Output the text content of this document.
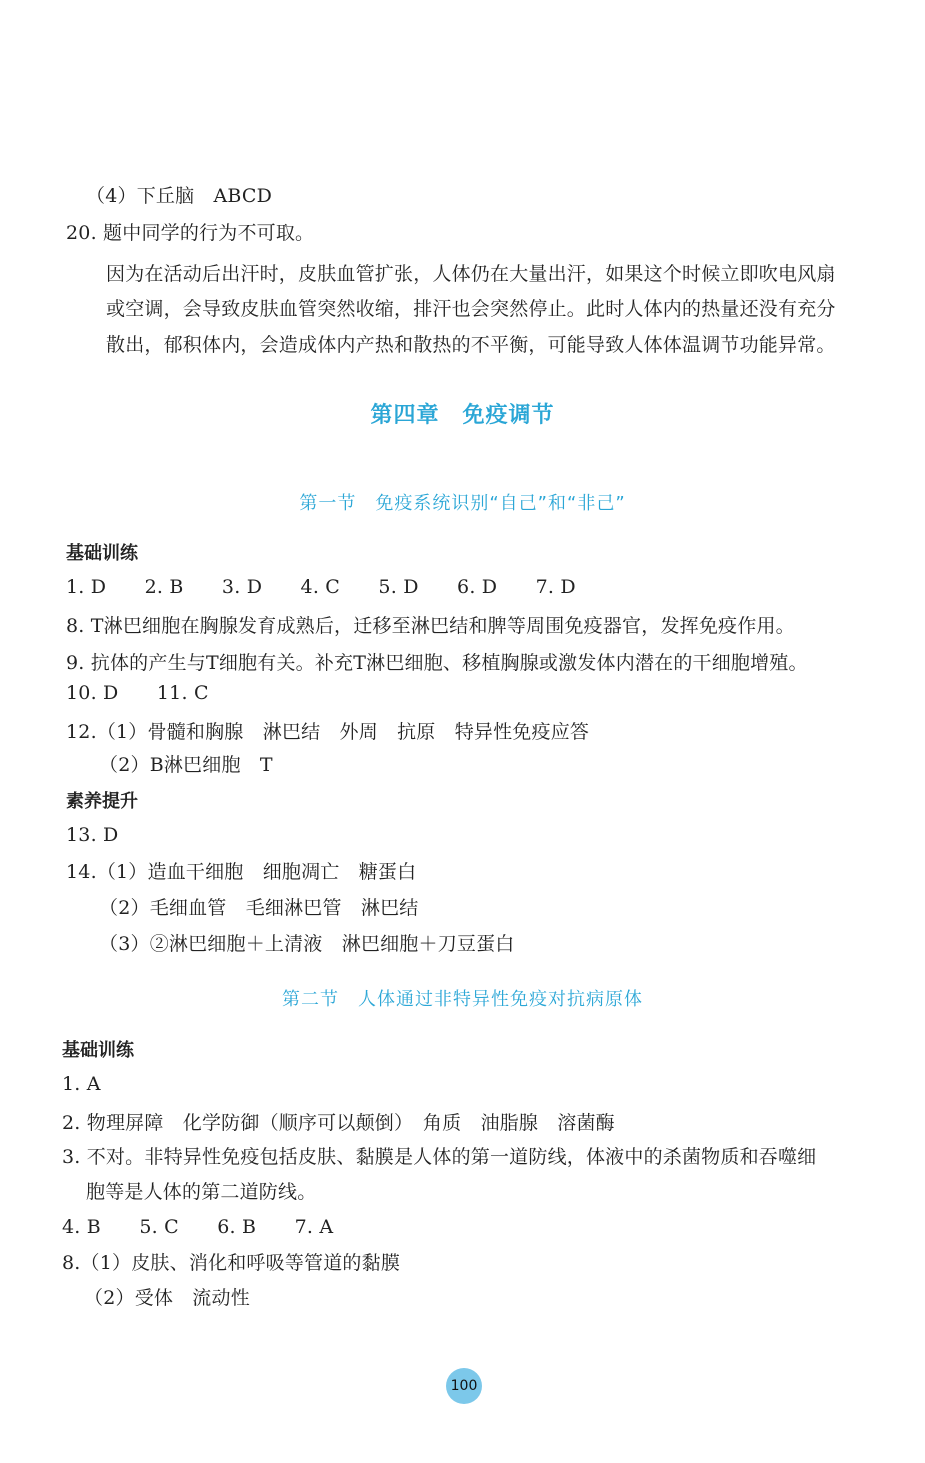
（4）下丘脑　ABCD
20. 题中同学的行为不可取。
因为在活动后出汗时，皮肤血管扩张，人体仍在大量出汗，如果这个时候立即吹电风扇
或空调，会导致皮肤血管突然收缩，排汗也会突然停止。此时人体内的热量还没有充分
散出，郁积体内，会造成体内产热和散热的不平衡，可能导致人体体温调节功能异常。
第四章　免疫调节
第一节　免疫系统识别“自己”和“非己”
基础训练
1. D　　2. B　　3. D　　4. C　　5. D　　6. D　　7. D
8. T淋巴细胞在胸腺发育成熟后，迁移至淋巴结和脾等周围免疫器官，发挥免疫作用。
9. 抗体的产生与T细胞有关。补充T淋巴细胞、移植胸腺或激发体内潜在的干细胞增殖。
10. D　　11. C
12.（1）骨髓和胸腺　淋巴结　外周　抗原　特异性免疫应答
（2）B淋巴细胞　T
素养提升
13. D
14.（1）造血干细胞　细胞凋亡　糖蛋白
（2）毛细血管　毛细淋巴管　淋巴结
（3）②淋巴细胞＋上清液　淋巴细胞＋刀豆蛋白
第二节　人体通过非特异性免疫对抗病原体
基础训练
1. A
2. 物理屏障　化学防御（顺序可以颠倒）　角质　油脂腺　溶菌酶
3. 不对。非特异性免疫包括皮肤、黏膜是人体的第一道防线，体液中的杀菌物质和吞噬细
胞等是人体的第二道防线。
4. B　　5. C　　6. B　　7. A
8.（1）皮肤、消化和呼吸等管道的黏膜
（2）受体　流动性
100
